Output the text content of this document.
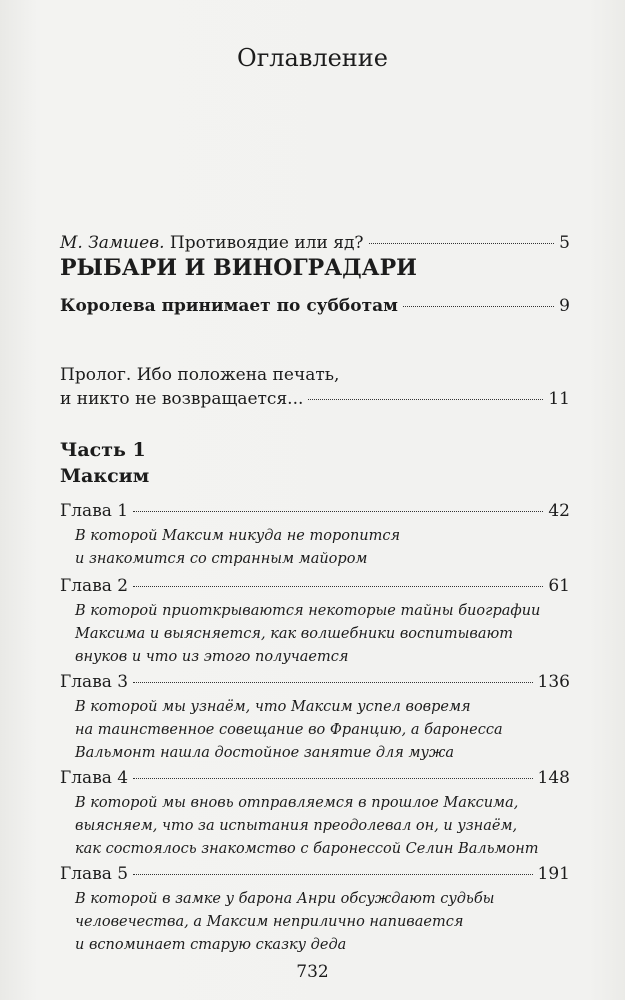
Оглавление
М. Замшев. Противоядие или яд?	5
РЫБАРИ И ВИНОГРАДАРИ
Королева принимает по субботам	9
Пролог. Ибо положена печать,
и никто не возвращается...	11
Часть 1
Максим
Глава 1	42
В которой Максим никуда не торопится
и знакомится со странным майором
Глава 2	61
В которой приоткрываются некоторые тайны биографии
Максима и выясняется, как волшебники воспитывают
внуков и что из этого получается
Глава 3	136
В которой мы узнаём, что Максим успел вовремя
на таинственное совещание во Францию, а баронесса
Вальмонт нашла достойное занятие для мужа
Глава 4	148
В которой мы вновь отправляемся в прошлое Максима,
выясняем, что за испытания преодолевал он, и узнаём,
как состоялось знакомство с баронессой Селин Вальмонт
Глава 5	191
В которой в замке у барона Анри обсуждают судьбы
человечества, а Максим неприлично напивается
и вспоминает старую сказку деда
732
